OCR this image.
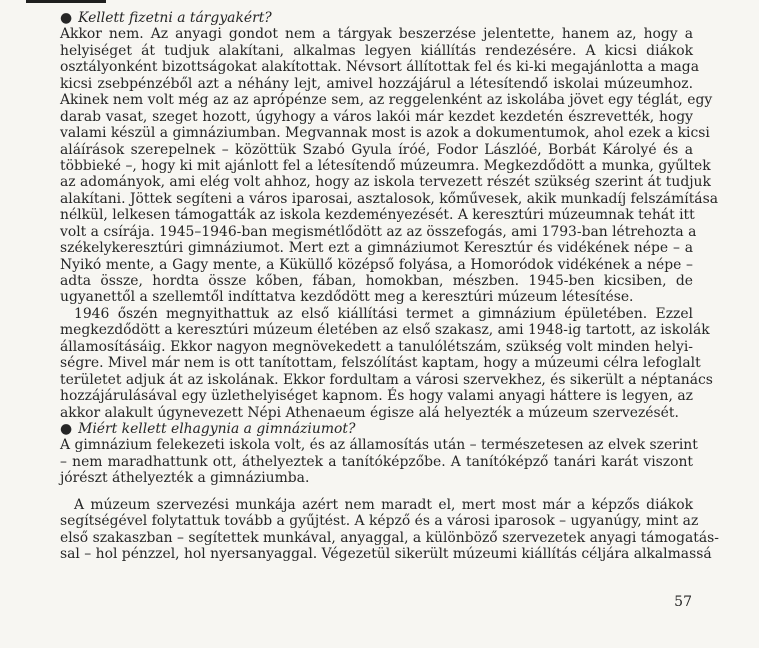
● Kellett fizetni a tárgyakért?
Akkor nem. Az anyagi gondot nem a tárgyak beszerzése jelentette, hanem az, hogy a
helyiséget át tudjuk alakítani, alkalmas legyen kiállítás rendezésére. A kicsi diákok
osztályonként bizottságokat alakítottak. Névsort állítottak fel és ki-ki megajánlotta a maga
kicsi zsebpénzéből azt a néhány lejt, amivel hozzájárul a létesítendő iskolai múzeumhoz.
Akinek nem volt még az az aprópénze sem, az reggelenként az iskolába jövet egy téglát, egy
darab vasat, szeget hozott, úgyhogy a város lakói már kezdet kezdetén észrevették, hogy
valami készül a gimnáziumban. Megvannak most is azok a dokumentumok, ahol ezek a kicsi
aláírások szerepelnek – közöttük Szabó Gyula íróé, Fodor Lászlóé, Borbát Károlyé és a
többieké –, hogy ki mit ajánlott fel a létesítendő múzeumra. Megkezdődött a munka, gyűltek
az adományok, ami elég volt ahhoz, hogy az iskola tervezett részét szükség szerint át tudjuk
alakítani. Jöttek segíteni a város iparosai, asztalosok, kőművesek, akik munkadíj felszámítása
nélkül, lelkesen támogatták az iskola kezdeményezését. A keresztúri múzeumnak tehát itt
volt a csírája. 1945–1946-ban megismétlődött az az összefogás, ami 1793-ban létrehozta a
székelykeresztúri gimnáziumot. Mert ezt a gimnáziumot Keresztúr és vidékének népe – a
Nyikó mente, a Gagy mente, a Küküllő középső folyása, a Homoródok vidékének a népe –
adta össze, hordta össze kőben, fában, homokban, mészben. 1945-ben kicsiben, de
ugyanettől a szellemtől indíttatva kezdődött meg a keresztúri múzeum létesítése.
1946 őszén megnyithattuk az első kiállítási termet a gimnázium épületében. Ezzel
megkezdődött a keresztúri múzeum életében az első szakasz, ami 1948-ig tartott, az iskolák
államosításáig. Ekkor nagyon megnövekedett a tanulólétszám, szükség volt minden helyi-
ségre. Mivel már nem is ott tanítottam, felszólítást kaptam, hogy a múzeumi célra lefoglalt
területet adjuk át az iskolának. Ekkor fordultam a városi szervekhez, és sikerült a néptanács
hozzájárulásával egy üzlethelyiséget kapnom. És hogy valami anyagi háttere is legyen, az
akkor alakult úgynevezett Népi Athenaeum égisze alá helyezték a múzeum szervezését.
● Miért kellett elhagynia a gimnáziumot?
A gimnázium felekezeti iskola volt, és az államosítás után – természetesen az elvek szerint
– nem maradhattunk ott, áthelyeztek a tanítóképzőbe. A tanítóképző tanári karát viszont
jórészt áthelyezték a gimnáziumba.
A múzeum szervezési munkája azért nem maradt el, mert most már a képzős diákok
segítségével folytattuk tovább a gyűjtést. A képző és a városi iparosok – ugyanúgy, mint az
első szakaszban – segítettek munkával, anyaggal, a különböző szervezetek anyagi támogatás-
sal – hol pénzzel, hol nyersanyaggal. Végezetül sikerült múzeumi kiállítás céljára alkalmassá
57
